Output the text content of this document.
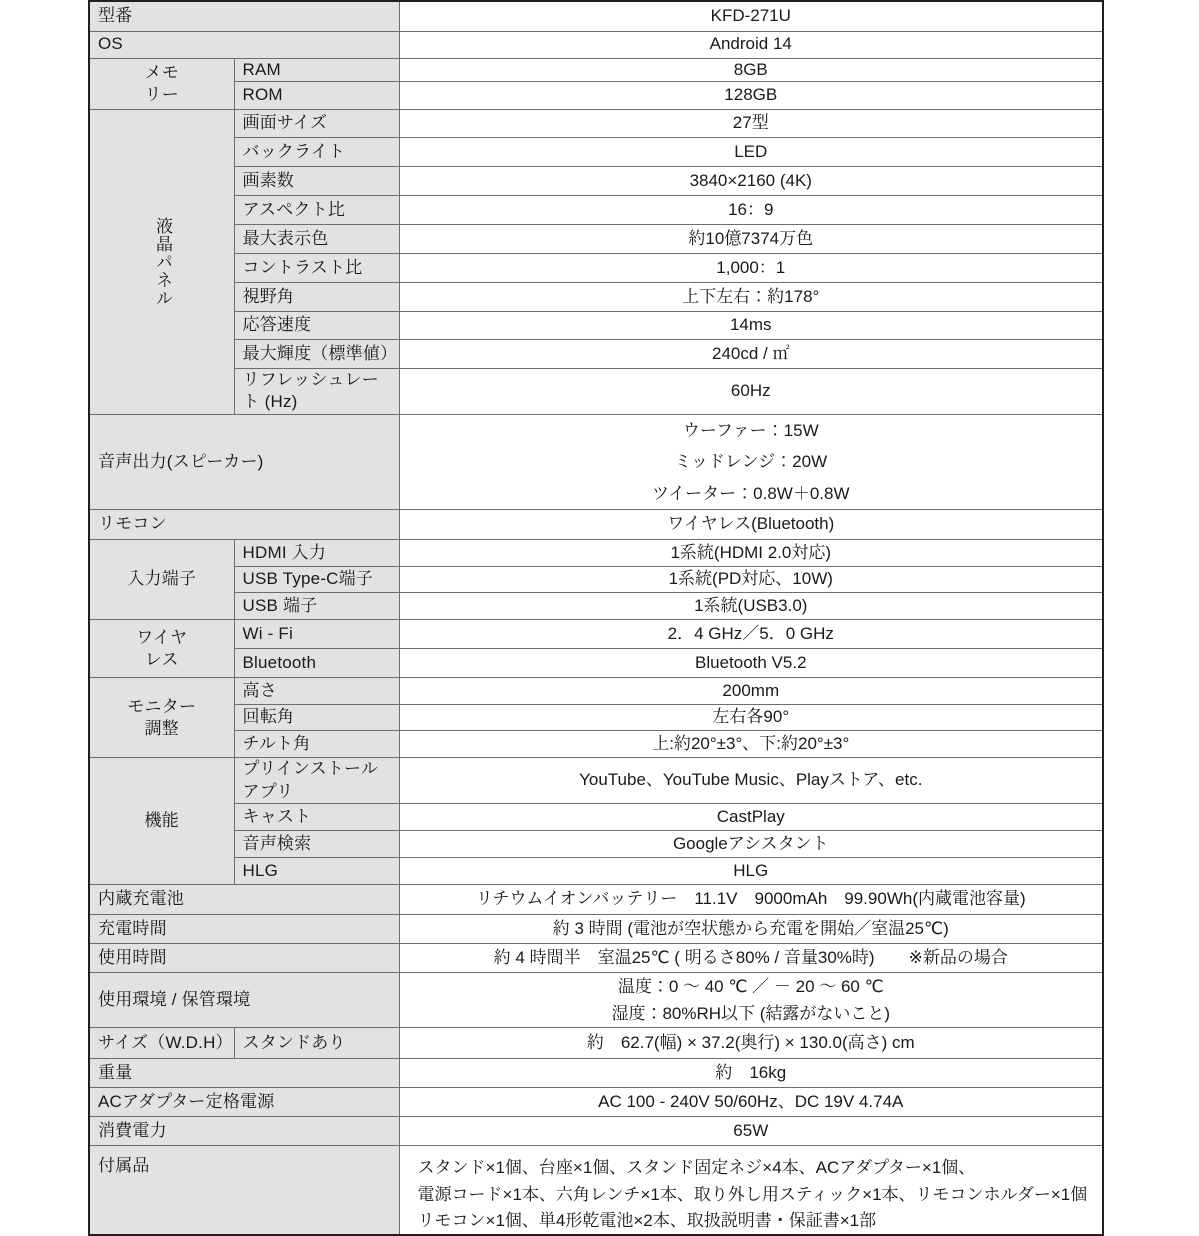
型番		KFD-271U
OS		Android 14

メモ
リー	RAM	8GB
	ROM	128GB

液晶パネル	画面サイズ	27型
	バックライト	LED
	画素数	3840×2160 (4K)
	アスペクト比	16：9
	最大表示色	約10億7374万色
	コントラスト比	1,000：1
	視野角	上下左右：約178°
	応答速度	14ms
	最大輝度（標準値）	240cd / ㎡
	リフレッシュレート (Hz)	60Hz
音声出力(スピーカー)		ウーファー：15W
ミッドレンジ：20W
ツイーター：0.8W＋0.8W

リモコン		ワイヤレス(Bluetooth)
入力端子	HDMI 入力	1系統(HDMI 2.0対応)
	USB Type-C端子	1系統(PD対応、10W)
	USB 端子	1系統(USB3.0)

ワイヤ
レス	Wi - Fi	2．4 GHz／5．0 GHz
	Bluetooth	Bluetooth V5.2

モニター
調整	高さ	200mm
	回転角	左右各90°
	チルト角	上:約20°±3°、下:約20°±3°
機能	プリインストールアプリ	YouTube、YouTube Music、Playストア、etc.
	キャスト	CastPlay
	音声検索	Googleアシスタント
	HLG	HLG
内蔵充電池		リチウムイオンバッテリー　11.1V　9000mAh　99.90Wh(内蔵電池容量)
充電時間		約 3 時間 (電池が空状態から充電を開始／室温25℃)
使用時間		約 4 時間半　室温25℃ ( 明るさ80% / 音量30%時)　　※新品の場合
使用環境 / 保管環境		温度：0 ～ 40 ℃ ／ － 20 ～ 60 ℃
湿度：80%RH以下 (結露がないこと)

サイズ（W.D.H）	スタンドあり	約　62.7(幅) × 37.2(奥行) × 130.0(高さ) cm
重量		約　16kg
ACアダプター定格電源		AC 100 - 240V 50/60Hz、DC 19V 4.74A
消費電力		65W
付属品		スタンド×1個、台座×1個、スタンド固定ネジ×4本、ACアダプター×1個、
電源コード×1本、六角レンチ×1本、取り外し用スティック×1本、リモコンホルダー×1個
リモコン×1個、単4形乾電池×2本、取扱説明書・保証書×1部
